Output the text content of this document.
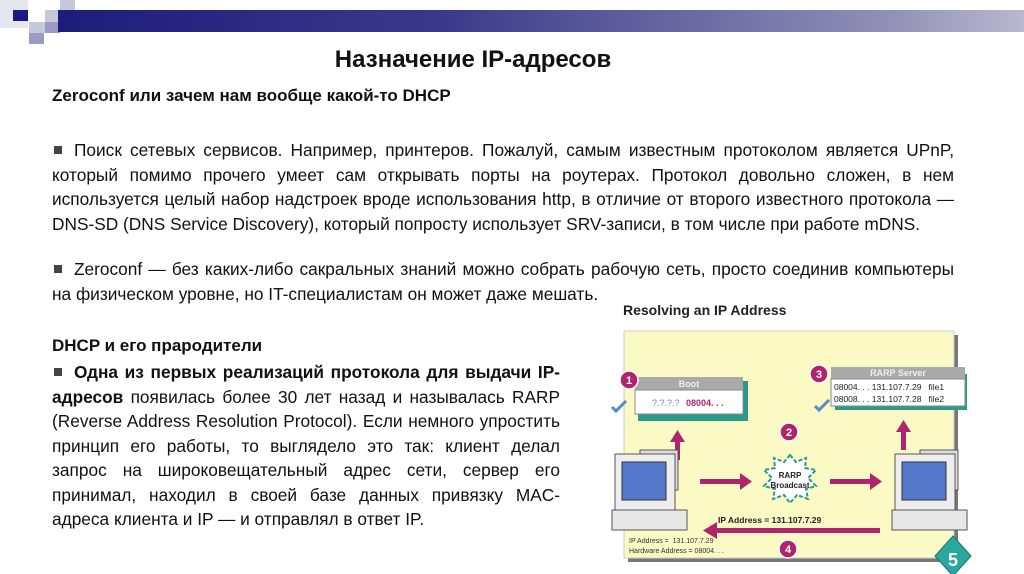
Назначение IP-адресов
Zeroconf или зачем нам вообще какой-то DHCP
Поиск сетевых сервисов. Например, принтеров. Пожалуй, самым известным протоколом является UPnP, который помимо прочего умеет сам открывать порты на роутерах. Протокол довольно сложен, в нем используется целый набор надстроек вроде использования http, в отличие от второго известного протокола — DNS-SD (DNS Service Discovery), который попросту использует SRV-записи, в том числе при работе mDNS.
Zeroconf — без каких-либо сакральных знаний можно собрать рабочую сеть, просто соединив компьютеры на физическом уровне, но IT-специалистам он может даже мешать.
DHCP и его прародители
Одна из первых реализаций протокола для выдачи IP-адресов появилась более 30 лет назад и называлась RARP (Reverse Address Resolution Protocol). Если немного упростить принцип его работы, то выглядело это так: клиент делал запрос на широковещательный адрес сети, сервер его принимал, находил в своей базе данных привязку MAC-адреса клиента и IP — и отправлял в ответ IP.
Resolving an IP Address
Boot
?.?.?.? 08004. . .
1
RARP Server
08004. . . 131.107.7.29   file1
08008. . . 131.107.7.28   file2
3
RARP
Broadcast
2
IP Address = 131.107.7.29
4
IP Address =  131.107.7.29
Hardware Address = 08004. . .	5
